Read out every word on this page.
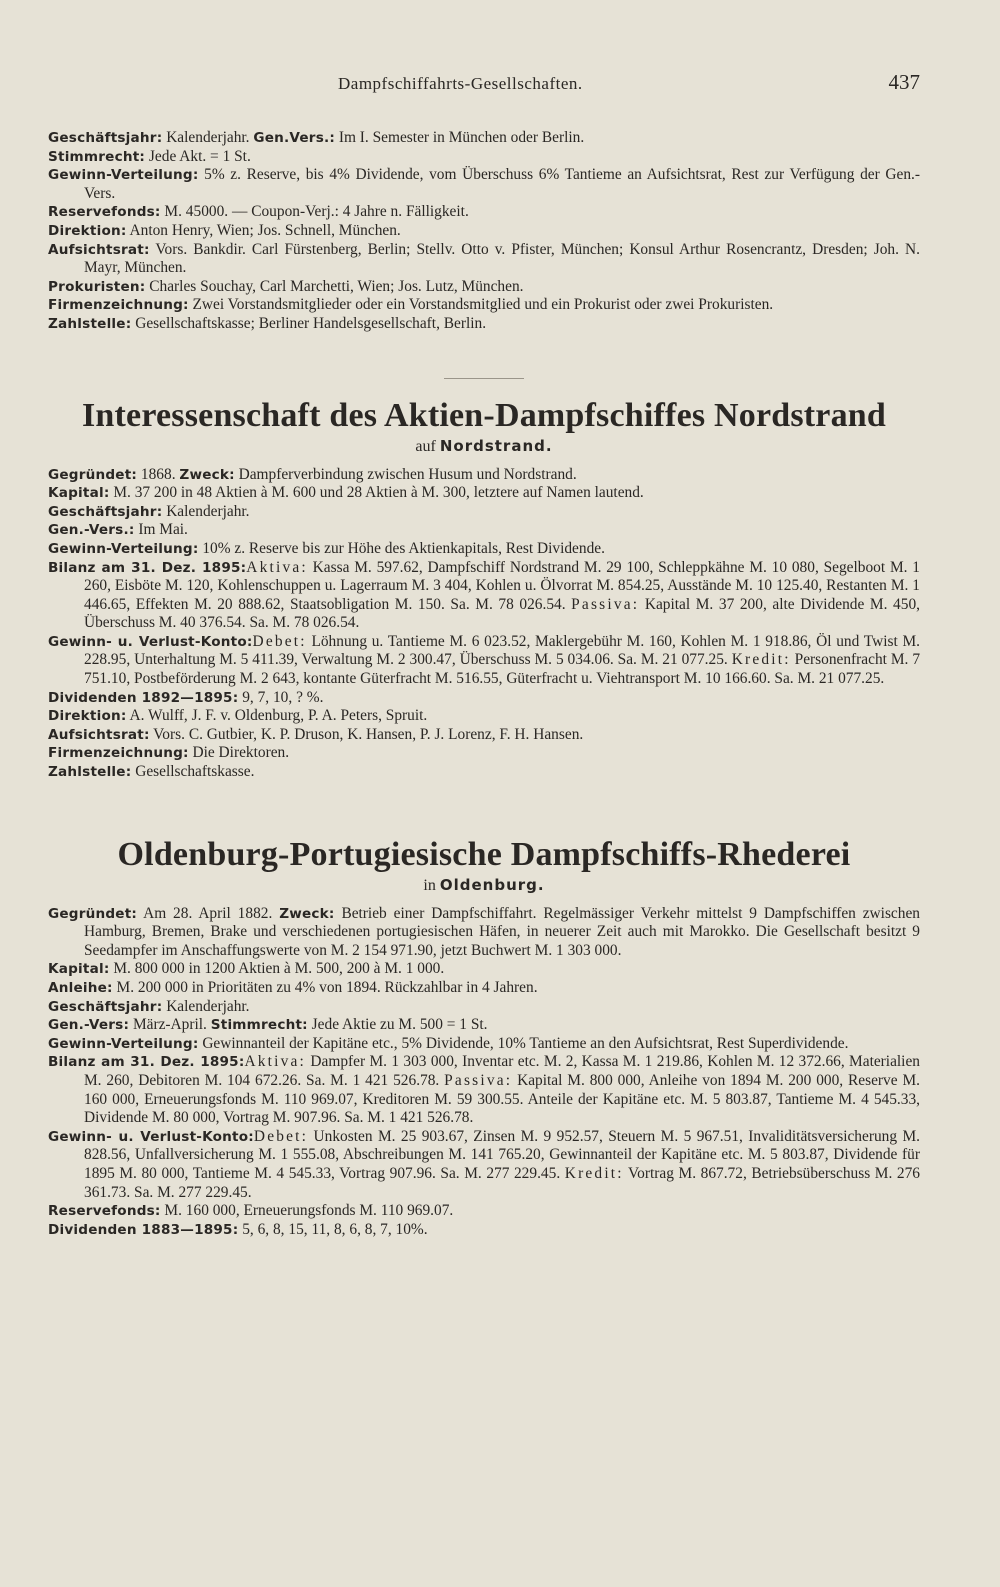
Dampfschiffahrts-Gesellschaften.	437

Geschäftsjahr: Kalenderjahr. Gen.Vers.: Im I. Semester in München oder Berlin.

Stimmrecht: Jede Akt. = 1 St.

Gewinn-Verteilung: 5% z. Reserve, bis 4% Dividende, vom Überschuss 6% Tantieme an Aufsichtsrat, Rest zur Verfügung der Gen.-Vers.

Reservefonds: M. 45000. — Coupon-Verj.: 4 Jahre n. Fälligkeit.

Direktion: Anton Henry, Wien; Jos. Schnell, München.

Aufsichtsrat: Vors. Bankdir. Carl Fürstenberg, Berlin; Stellv. Otto v. Pfister, München; Konsul Arthur Rosencrantz, Dresden; Joh. N. Mayr, München.

Prokuristen: Charles Souchay, Carl Marchetti, Wien; Jos. Lutz, München.

Firmenzeichnung: Zwei Vorstandsmitglieder oder ein Vorstandsmitglied und ein Prokurist oder zwei Prokuristen.

Zahlstelle: Gesellschaftskasse; Berliner Handelsgesellschaft, Berlin.

Interessenschaft des Aktien-Dampfschiffes Nordstrand
auf Nordstrand.

Gegründet: 1868. Zweck: Dampferverbindung zwischen Husum und Nordstrand.

Kapital: M. 37 200 in 48 Aktien à M. 600 und 28 Aktien à M. 300, letztere auf Namen lautend.

Geschäftsjahr: Kalenderjahr.

Gen.-Vers.: Im Mai.

Gewinn-Verteilung: 10% z. Reserve bis zur Höhe des Aktienkapitals, Rest Dividende.

Bilanz am 31. Dez. 1895:Aktiva: Kassa M. 597.62, Dampfschiff Nordstrand M. 29 100, Schleppkähne M. 10 080, Segelboot M. 1 260, Eisböte M. 120, Kohlenschuppen u. Lagerraum M. 3 404, Kohlen u. Ölvorrat M. 854.25, Ausstände M. 10 125.40, Restanten M. 1 446.65, Effekten M. 20 888.62, Staatsobligation M. 150. Sa. M. 78 026.54. Passiva: Kapital M. 37 200, alte Dividende M. 450, Überschuss M. 40 376.54. Sa. M. 78 026.54.

Gewinn- u. Verlust-Konto:Debet: Löhnung u. Tantieme M. 6 023.52, Maklergebühr M. 160, Kohlen M. 1 918.86, Öl und Twist M. 228.95, Unterhaltung M. 5 411.39, Verwaltung M. 2 300.47, Überschuss M. 5 034.06. Sa. M. 21 077.25. Kredit: Personenfracht M. 7 751.10, Postbeförderung M. 2 643, kontante Güterfracht M. 516.55, Güterfracht u. Viehtransport M. 10 166.60. Sa. M. 21 077.25.

Dividenden 1892—1895: 9, 7, 10, ? %.

Direktion: A. Wulff, J. F. v. Oldenburg, P. A. Peters, Spruit.

Aufsichtsrat: Vors. C. Gutbier, K. P. Druson, K. Hansen, P. J. Lorenz, F. H. Hansen.

Firmenzeichnung: Die Direktoren.

Zahlstelle: Gesellschaftskasse.

Oldenburg-Portugiesische Dampfschiffs-Rhederei
in Oldenburg.

Gegründet: Am 28. April 1882. Zweck: Betrieb einer Dampfschiffahrt. Regelmässiger Verkehr mittelst 9 Dampfschiffen zwischen Hamburg, Bremen, Brake und verschiedenen portugiesischen Häfen, in neuerer Zeit auch mit Marokko. Die Gesellschaft besitzt 9 Seedampfer im Anschaffungswerte von M. 2 154 971.90, jetzt Buchwert M. 1 303 000.

Kapital: M. 800 000 in 1200 Aktien à M. 500, 200 à M. 1 000.

Anleihe: M. 200 000 in Prioritäten zu 4% von 1894. Rückzahlbar in 4 Jahren.

Geschäftsjahr: Kalenderjahr.

Gen.-Vers: März-April. Stimmrecht: Jede Aktie zu M. 500 = 1 St.

Gewinn-Verteilung: Gewinnanteil der Kapitäne etc., 5% Dividende, 10% Tantieme an den Aufsichtsrat, Rest Superdividende.

Bilanz am 31. Dez. 1895:Aktiva: Dampfer M. 1 303 000, Inventar etc. M. 2, Kassa M. 1 219.86, Kohlen M. 12 372.66, Materialien M. 260, Debitoren M. 104 672.26. Sa. M. 1 421 526.78. Passiva: Kapital M. 800 000, Anleihe von 1894 M. 200 000, Reserve M. 160 000, Erneuerungsfonds M. 110 969.07, Kreditoren M. 59 300.55. Anteile der Kapitäne etc. M. 5 803.87, Tantieme M. 4 545.33, Dividende M. 80 000, Vortrag M. 907.96. Sa. M. 1 421 526.78.

Gewinn- u. Verlust-Konto:Debet: Unkosten M. 25 903.67, Zinsen M. 9 952.57, Steuern M. 5 967.51, Invaliditätsversicherung M. 828.56, Unfallversicherung M. 1 555.08, Abschreibungen M. 141 765.20, Gewinnanteil der Kapitäne etc. M. 5 803.87, Dividende für 1895 M. 80 000, Tantieme M. 4 545.33, Vortrag 907.96. Sa. M. 277 229.45. Kredit: Vortrag M. 867.72, Betriebsüberschuss M. 276 361.73. Sa. M. 277 229.45.

Reservefonds: M. 160 000, Erneuerungsfonds M. 110 969.07.

Dividenden 1883—1895: 5, 6, 8, 15, 11, 8, 6, 8, 7, 10%.
